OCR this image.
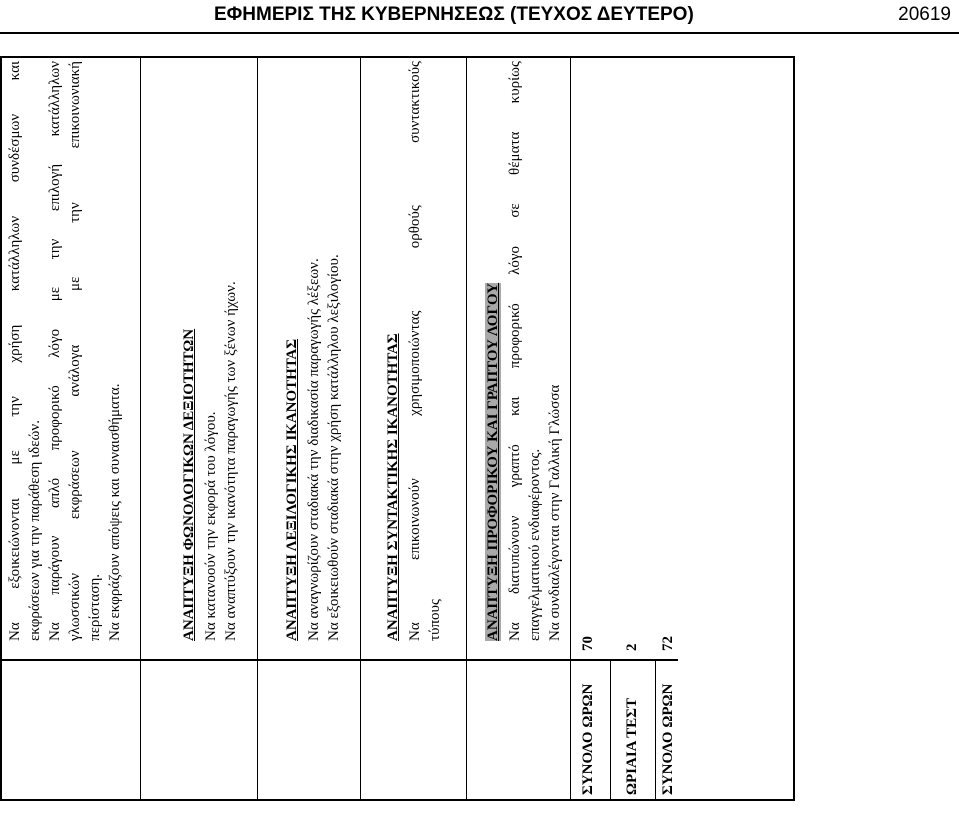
ΕΦΗΜΕΡΙΣ ΤΗΣ ΚΥΒΕΡΝΗΣΕΩΣ (ΤΕΥΧΟΣ ΔΕΥΤΕΡΟ)	20619
Να εξοικειώνονται με την χρήση κατάλληλων συνδέσμων και εκφράσεων για την παράθεση ιδεών. Να παράγουν απλό προφορικό λόγο με την επιλογή κατάλληλων γλωσσικών εκφράσεων ανάλογα με την επικοινωνιακή περίσταση. Να εκφράζουν απόψεις και συναισθήματα.	ΑΝΑΠΤΥΞΗ ΦΩΝΟΛΟΓΙΚΩΝ ΔΕΞΙΟΤΗΤΩΝ Να κατανοούν την εκφορά του λόγου. Να αναπτύξουν την ικανότητα παραγωγής των ξένων ήχων.	ΑΝΑΠΤΥΞΗ ΛΕΞΙΛΟΓΙΚΗΣ ΙΚΑΝΟΤΗΤΑΣ Να αναγνωρίζουν σταδιακά την διαδικασία παραγωγής λέξεων. Να εξοικειωθούν σταδιακά στην χρήση κατάλληλου λεξιλογίου.	ΑΝΑΠΤΥΞΗ ΣΥΝΤΑΚΤΙΚΗΣ ΙΚΑΝΟΤΗΤΑΣ Να επικοινωνούν χρησιμοποιώντας ορθούς συντακτικούς τύπους	ΑΝΑΠΤΥΞΗ ΠΡΟΦΟΡΙΚΟΥ ΚΑΙ ΓΡΑΠΤΟΥ ΛΟΓΟΥ Να διατυπώνουν γραπτό και προφορικό λόγο σε θέματα κυρίως επαγγελματικού ενδιαφέροντος. Να συνδιαλέγονται στην Γαλλική Γλώσσα
ΣΥΝΟΛΟ ΩΡΩΝ
70
ΩΡΙΑΙΑ ΤΕΣΤ
2
ΣΥΝΟΛΟ ΩΡΩΝ
72
